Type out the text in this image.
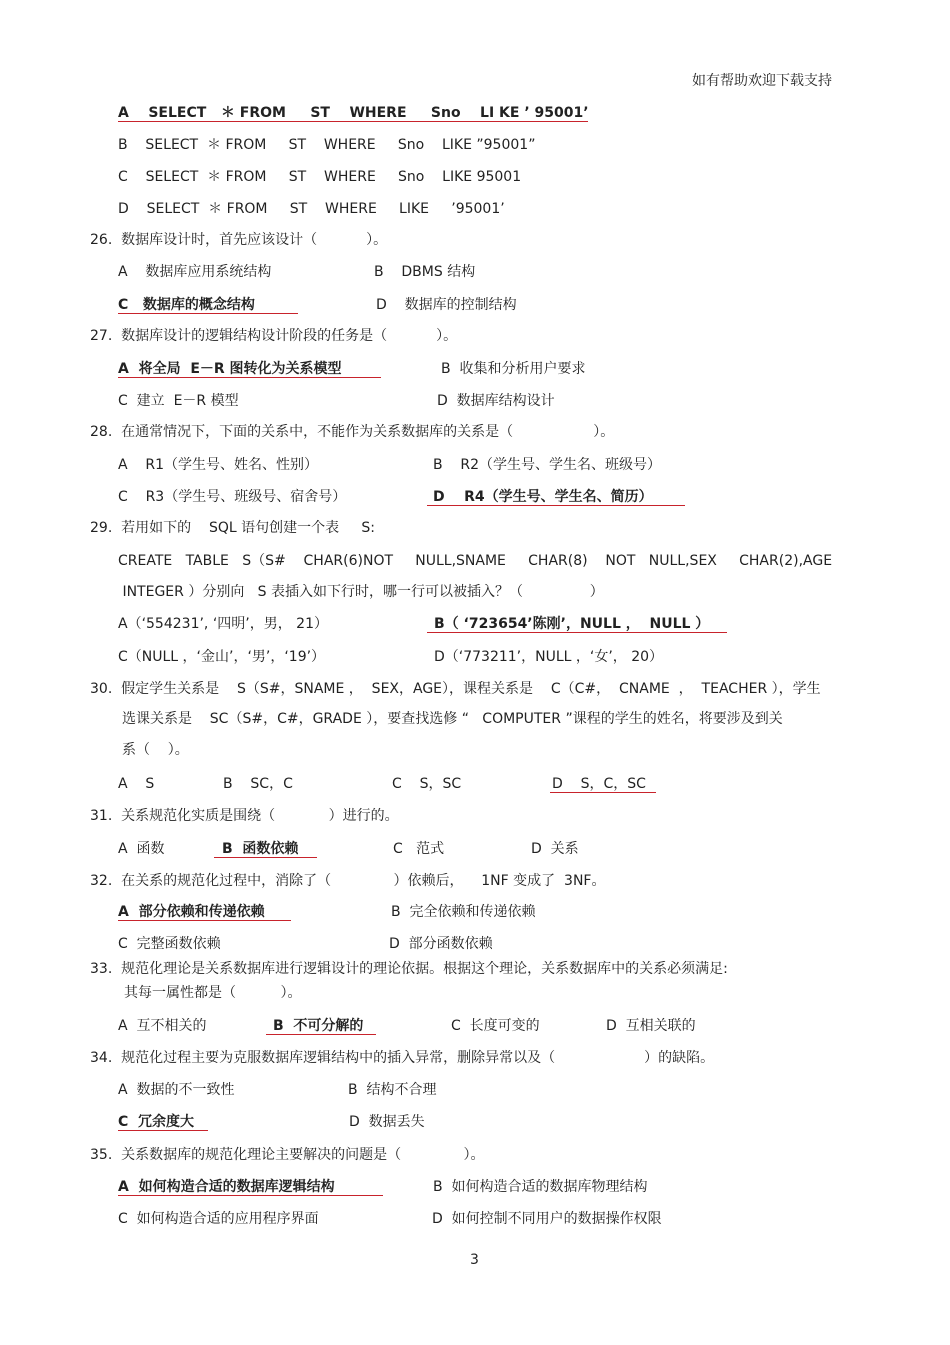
如有帮助欢迎下载支持
A    SELECT   ＊ FROM     ST    WHERE     Sno    LI KE ’ 95001’
B    SELECT  ＊ FROM     ST    WHERE     Sno    LIKE ”95001”
C    SELECT  ＊ FROM     ST    WHERE     Sno    LIKE 95001
D    SELECT  ＊ FROM     ST    WHERE     LIKE     ’95001’
26.  数据库设计时，首先应该设计（           ）。
A    数据库应用系统结构	B    DBMS 结构
C   数据库的概念结构	D    数据库的控制结构
27.  数据库设计的逻辑结构设计阶段的任务是（           ）。
A  将全局  E－R 图转化为关系模型	B  收集和分析用户要求
C  建立  E－R 模型	D  数据库结构设计
28.  在通常情况下，下面的关系中，不能作为关系数据库的关系是（                  ）。
A    R1（学生号、姓名、性别）	B    R2（学生号、学生名、班级号）
C    R3（学生号、班级号、宿舍号）	D    R4（学生号、学生名、简历）
29.  若用如下的    SQL 语句创建一个表     S:
CREATE   TABLE   S（S#    CHAR(6)NOT     NULL,SNAME     CHAR(8)    NOT   NULL,SEX     CHAR(2),AGE
INTEGER ）分别向   S 表插入如下行时，哪一行可以被插入？（               ）
A（‘554231’, ‘四明’，男， 21）	B（ ‘723654’陈刚’，NULL ，  NULL ）
C（NULL ，‘金山’，‘男’，‘19’）	D（‘773211’，NULL ，‘女’， 20）
30.  假定学生关系是    S（S#，SNAME ，  SEX，AGE），课程关系是    C（C#，  CNAME  ，  TEACHER ），学生
选课关系是    SC（S#，C#，GRADE ），要查找选修 “   COMPUTER ”课程的学生的姓名，将要涉及到关
系（    ）。
A    S	B    SC，C	C    S，SC	D    S，C，SC
31.  关系规范化实质是围绕（            ）进行的。
A  函数	B  函数依赖	C   范式	D  关系
32.  在关系的规范化过程中，消除了（              ）依赖后，    1NF 变成了  3NF。
A  部分依赖和传递依赖	B  完全依赖和传递依赖
C  完整函数依赖	D  部分函数依赖
33.  规范化理论是关系数据库进行逻辑设计的理论依据。根据这个理论，关系数据库中的关系必须满足:
其每一属性都是（          ）。
A  互不相关的	B  不可分解的	C  长度可变的	D  互相关联的
34.  规范化过程主要为克服数据库逻辑结构中的插入异常，删除异常以及（                    ）的缺陷。
A  数据的不一致性	B  结构不合理
C  冗余度大	D  数据丢失
35.  关系数据库的规范化理论主要解决的问题是（              ）。
A  如何构造合适的数据库逻辑结构	B  如何构造合适的数据库物理结构
C  如何构造合适的应用程序界面	D  如何控制不同用户的数据操作权限
3
